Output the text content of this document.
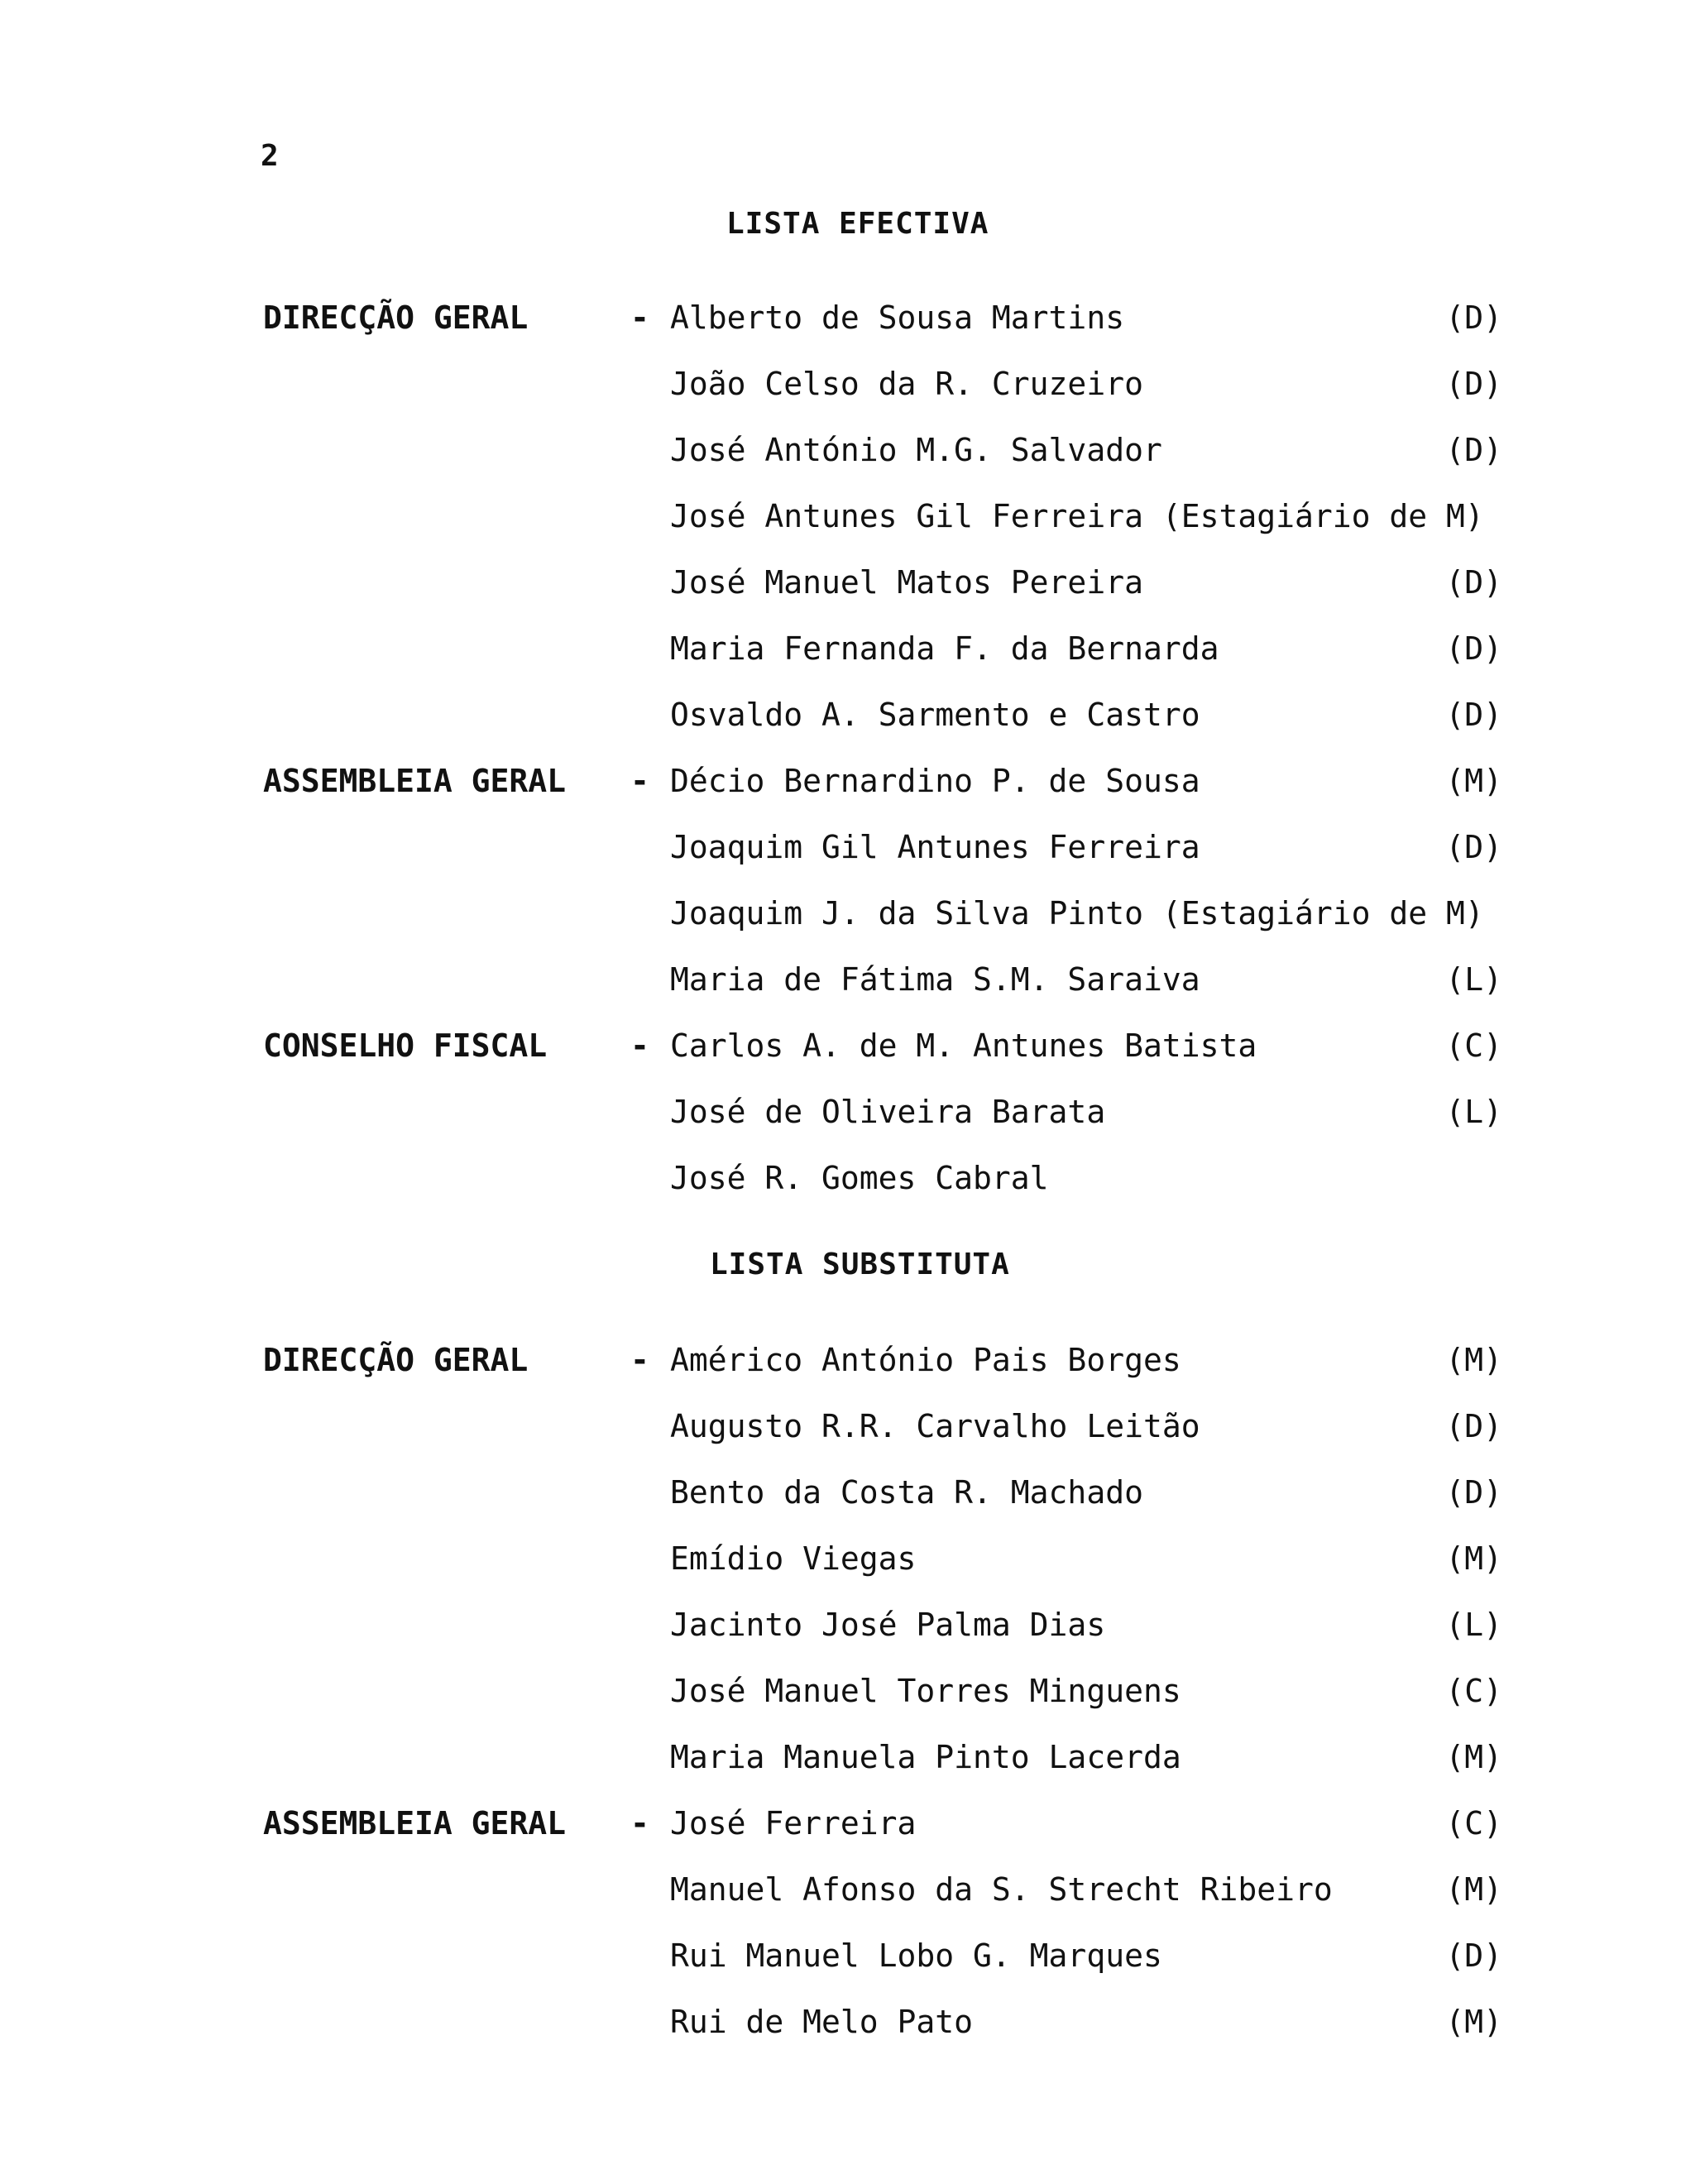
2
LISTA EFECTIVA
LISTA SUBSTITUTA
DIRECÇÃO GERAL	- Alberto de Sousa Martins	(D)
João Celso da R. Cruzeiro	(D)
José António M.G. Salvador	(D)
José Antunes Gil Ferreira (Estagiário de M)
José Manuel Matos Pereira	(D)
Maria Fernanda F. da Bernarda	(D)
Osvaldo A. Sarmento e Castro	(D)
ASSEMBLEIA GERAL - Décio Bernardino P. de Sousa	(M)
Joaquim Gil Antunes Ferreira	(D)
Joaquim J. da Silva Pinto (Estagiário de M)
Maria de Fátima S.M. Saraiva	(L)
CONSELHO FISCAL	- Carlos A. de M. Antunes Batista	(C)
José de Oliveira Barata	(L)
José R. Gomes Cabral
DIRECÇÃO GERAL	- Américo António Pais Borges	(M)
Augusto R.R. Carvalho Leitão	(D)
Bento da Costa R. Machado	(D)
Emídio Viegas	(M)
Jacinto José Palma Dias	(L)
José Manuel Torres Minguens	(C)
Maria Manuela Pinto Lacerda	(M)
ASSEMBLEIA GERAL - José Ferreira	(C)
Manuel Afonso da S. Strecht Ribeiro	(M)
Rui Manuel Lobo G. Marques	(D)
Rui de Melo Pato	(M)
